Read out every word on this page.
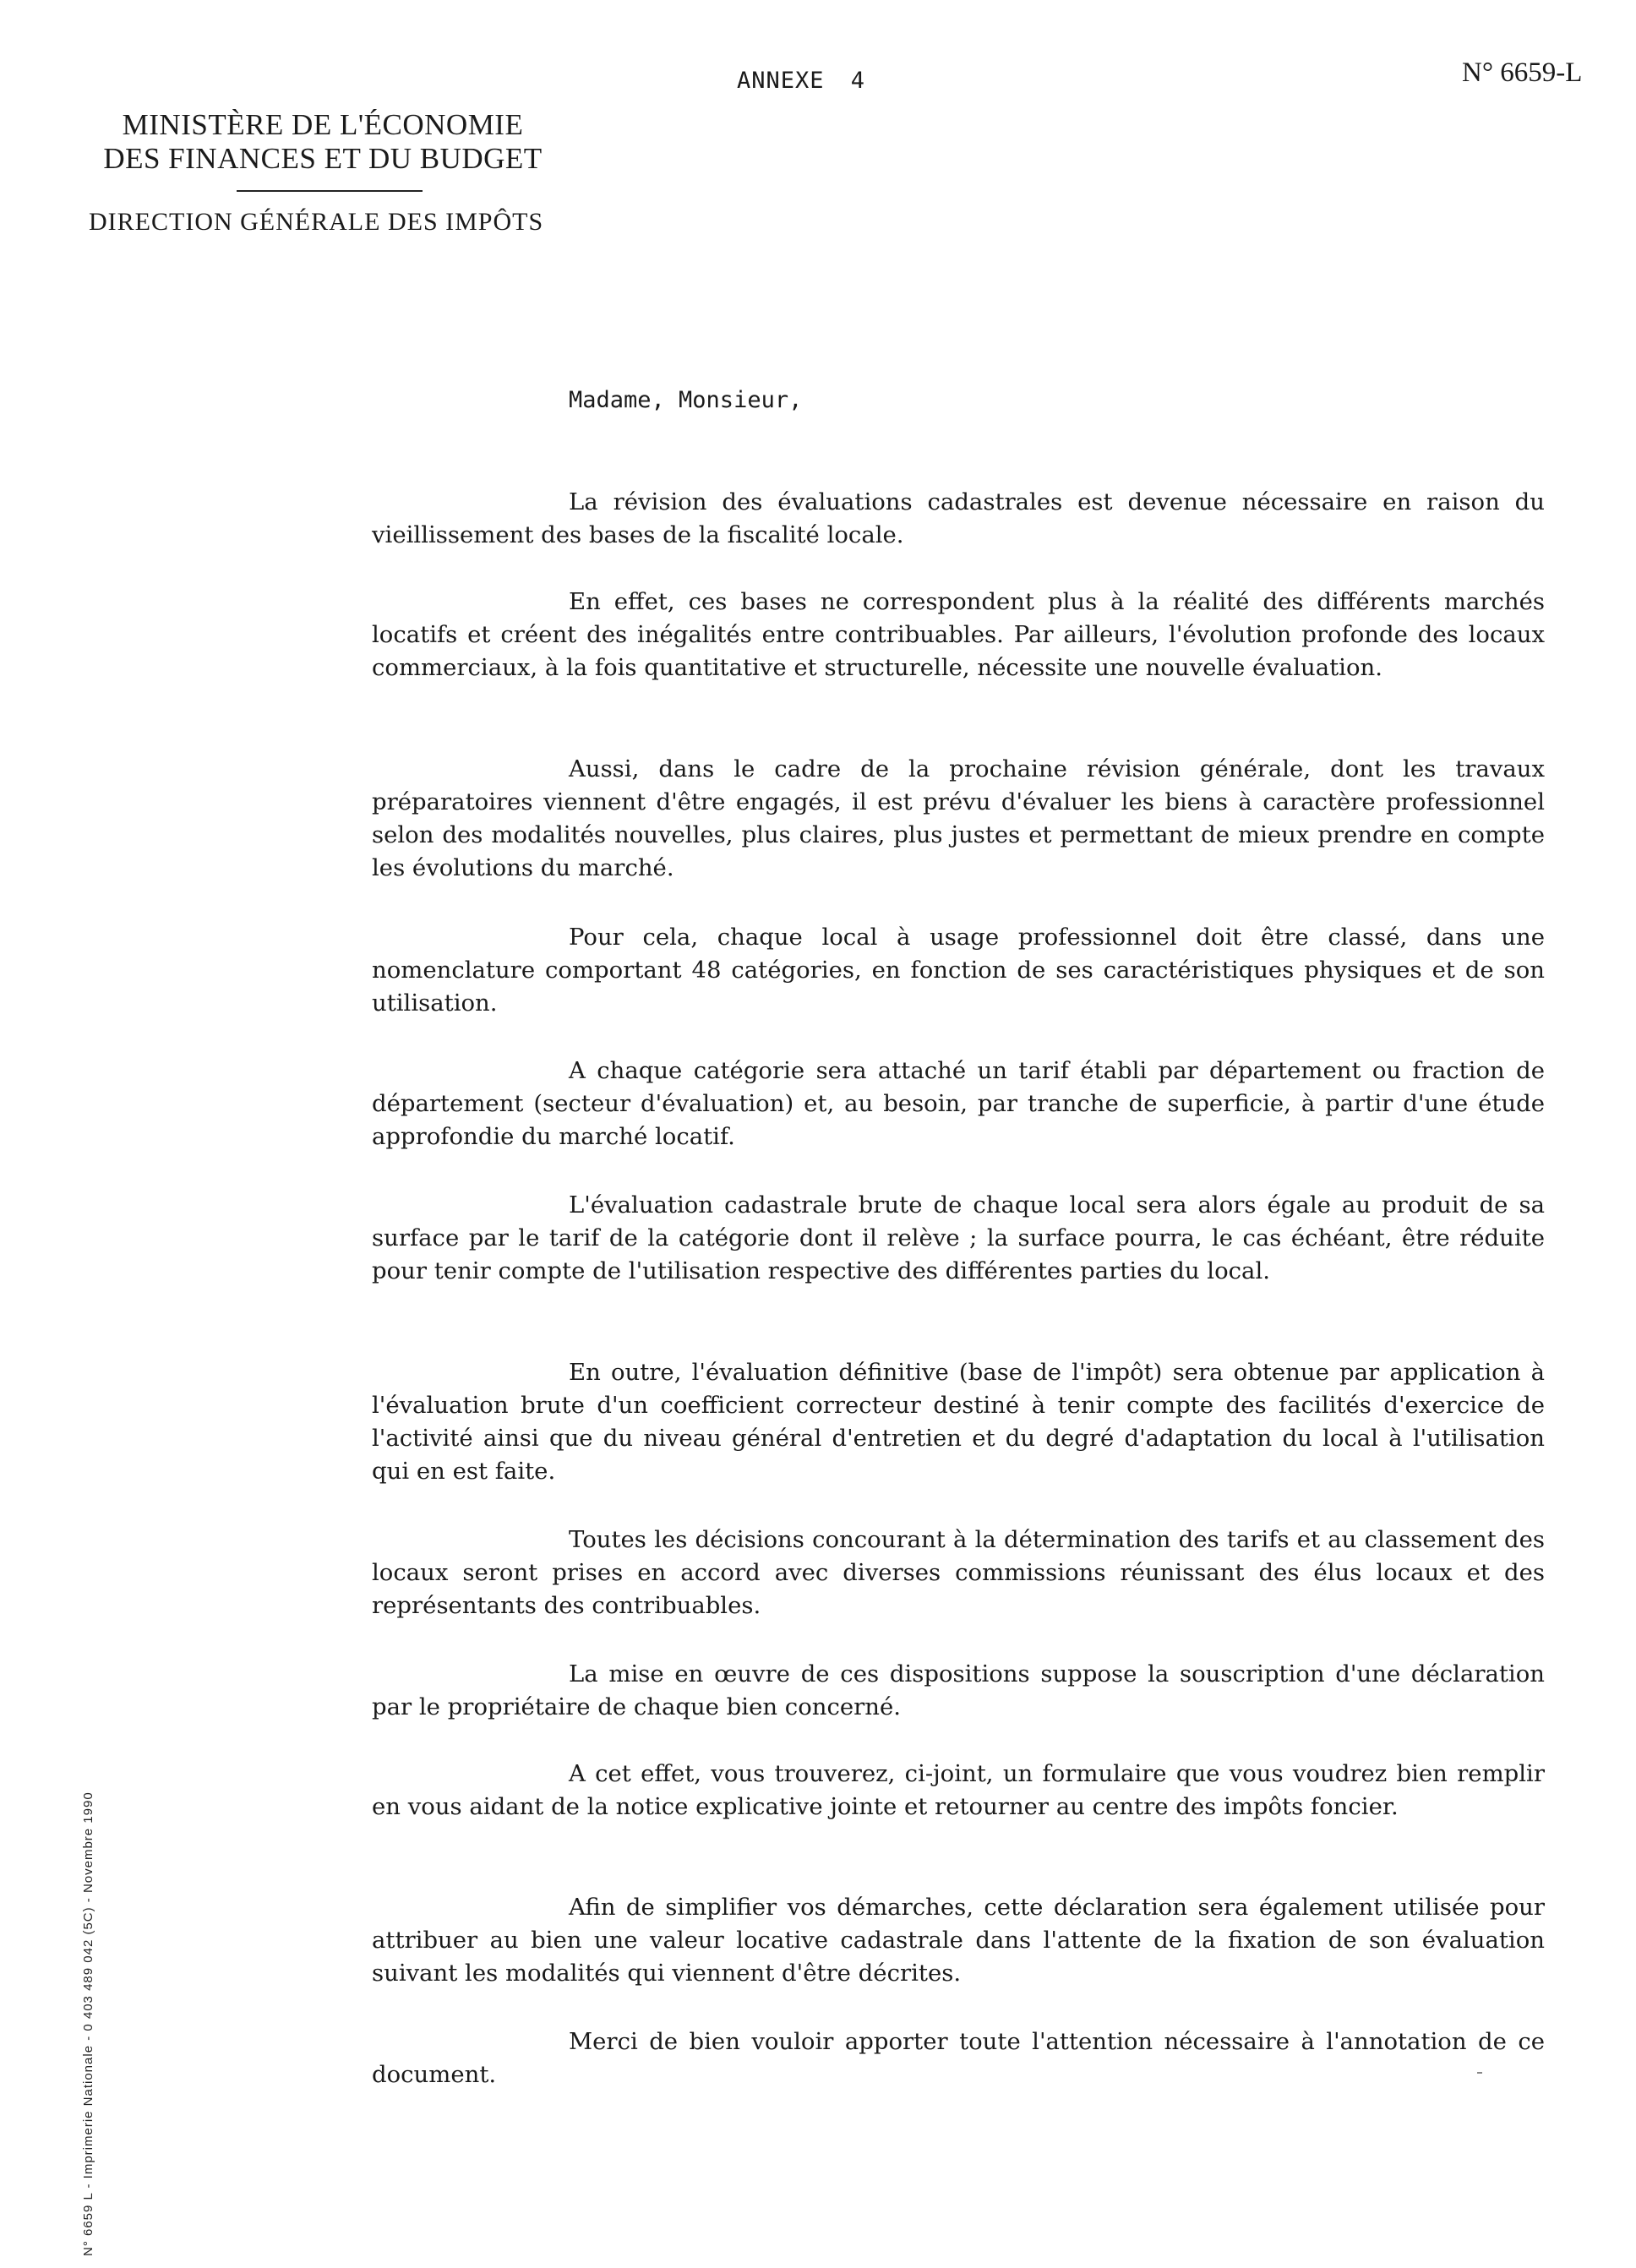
ANNEXE 4	N° 6659-L
MINISTÈRE DE L'ÉCONOMIE
DES FINANCES ET DU BUDGET
DIRECTION GÉNÉRALE DES IMPÔTS
Madame, Monsieur,

La révision des évaluations cadastrales est devenue nécessaire en raison du vieillissement des bases de la fiscalité locale.

En effet, ces bases ne correspondent plus à la réalité des différents marchés locatifs et créent des inégalités entre contribuables. Par ailleurs, l'évolution profonde des locaux commerciaux, à la fois quantitative et structurelle, nécessite une nouvelle évaluation.

Aussi, dans le cadre de la prochaine révision générale, dont les travaux préparatoires viennent d'être engagés, il est prévu d'évaluer les biens à caractère professionnel selon des modalités nouvelles, plus claires, plus justes et permettant de mieux prendre en compte les évolutions du marché.

Pour cela, chaque local à usage professionnel doit être classé, dans une nomenclature comportant 48 catégories, en fonction de ses caractéristiques physiques et de son utilisation.

A chaque catégorie sera attaché un tarif établi par département ou fraction de département (secteur d'évaluation) et, au besoin, par tranche de superficie, à partir d'une étude approfondie du marché locatif.

L'évaluation cadastrale brute de chaque local sera alors égale au produit de sa surface par le tarif de la catégorie dont il relève ; la surface pourra, le cas échéant, être réduite pour tenir compte de l'utilisation respective des différentes parties du local.

En outre, l'évaluation définitive (base de l'impôt) sera obtenue par application à l'évaluation brute d'un coefficient correcteur destiné à tenir compte des facilités d'exercice de l'activité ainsi que du niveau général d'entretien et du degré d'adaptation du local à l'utilisation qui en est faite.

Toutes les décisions concourant à la détermination des tarifs et au classement des locaux seront prises en accord avec diverses commissions réunissant des élus locaux et des représentants des contribuables.

La mise en œuvre de ces dispositions suppose la souscription d'une déclaration par le propriétaire de chaque bien concerné.

A cet effet, vous trouverez, ci-joint, un formulaire que vous voudrez bien remplir en vous aidant de la notice explicative jointe et retourner au centre des impôts foncier.

Afin de simplifier vos démarches, cette déclaration sera également utilisée pour attribuer au bien une valeur locative cadastrale dans l'attente de la fixation de son évaluation suivant les modalités qui viennent d'être décrites.

Merci de bien vouloir apporter toute l'attention nécessaire à l'annotation de ce document.

N° 6659 L - Imprimerie Nationale - 0 403 489 042 (5C) - Novembre 1990
